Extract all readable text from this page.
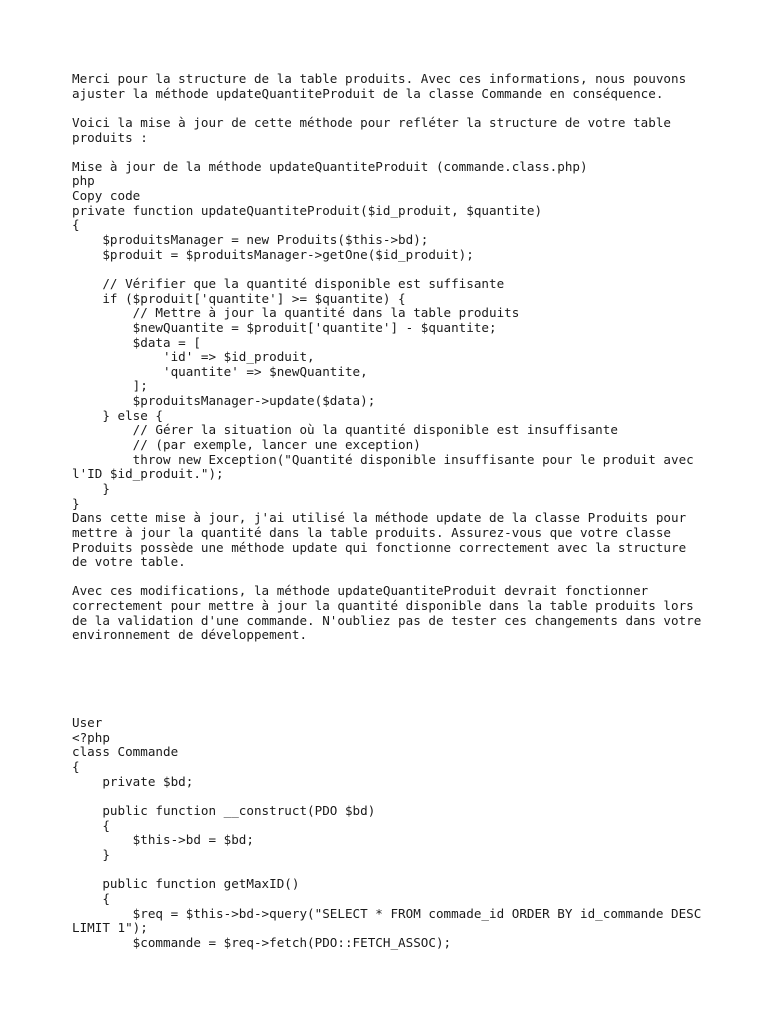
Merci pour la structure de la table produits. Avec ces informations, nous pouvons
ajuster la méthode updateQuantiteProduit de la classe Commande en conséquence.
Voici la mise à jour de cette méthode pour refléter la structure de votre table
produits :
Mise à jour de la méthode updateQuantiteProduit (commande.class.php)
php
Copy code
private function updateQuantiteProduit($id_produit, $quantite)
{
$produitsManager = new Produits($this->bd);
$produit = $produitsManager->getOne($id_produit);
// Vérifier que la quantité disponible est suffisante
if ($produit['quantite'] >= $quantite) {
// Mettre à jour la quantité dans la table produits
$newQuantite = $produit['quantite'] - $quantite;
$data = [
'id' => $id_produit,
'quantite' => $newQuantite,
];
$produitsManager->update($data);
} else {
// Gérer la situation où la quantité disponible est insuffisante
// (par exemple, lancer une exception)
throw new Exception("Quantité disponible insuffisante pour le produit avec
l'ID $id_produit.");
}
}
Dans cette mise à jour, j'ai utilisé la méthode update de la classe Produits pour
mettre à jour la quantité dans la table produits. Assurez-vous que votre classe
Produits possède une méthode update qui fonctionne correctement avec la structure
de votre table.
Avec ces modifications, la méthode updateQuantiteProduit devrait fonctionner
correctement pour mettre à jour la quantité disponible dans la table produits lors
de la validation d'une commande. N'oubliez pas de tester ces changements dans votre
environnement de développement.
User
<?php
class Commande
{
private $bd;
public function __construct(PDO $bd)
{
$this->bd = $bd;
}
public function getMaxID()
{
$req = $this->bd->query("SELECT * FROM commade_id ORDER BY id_commande DESC
LIMIT 1");
$commande = $req->fetch(PDO::FETCH_ASSOC);
